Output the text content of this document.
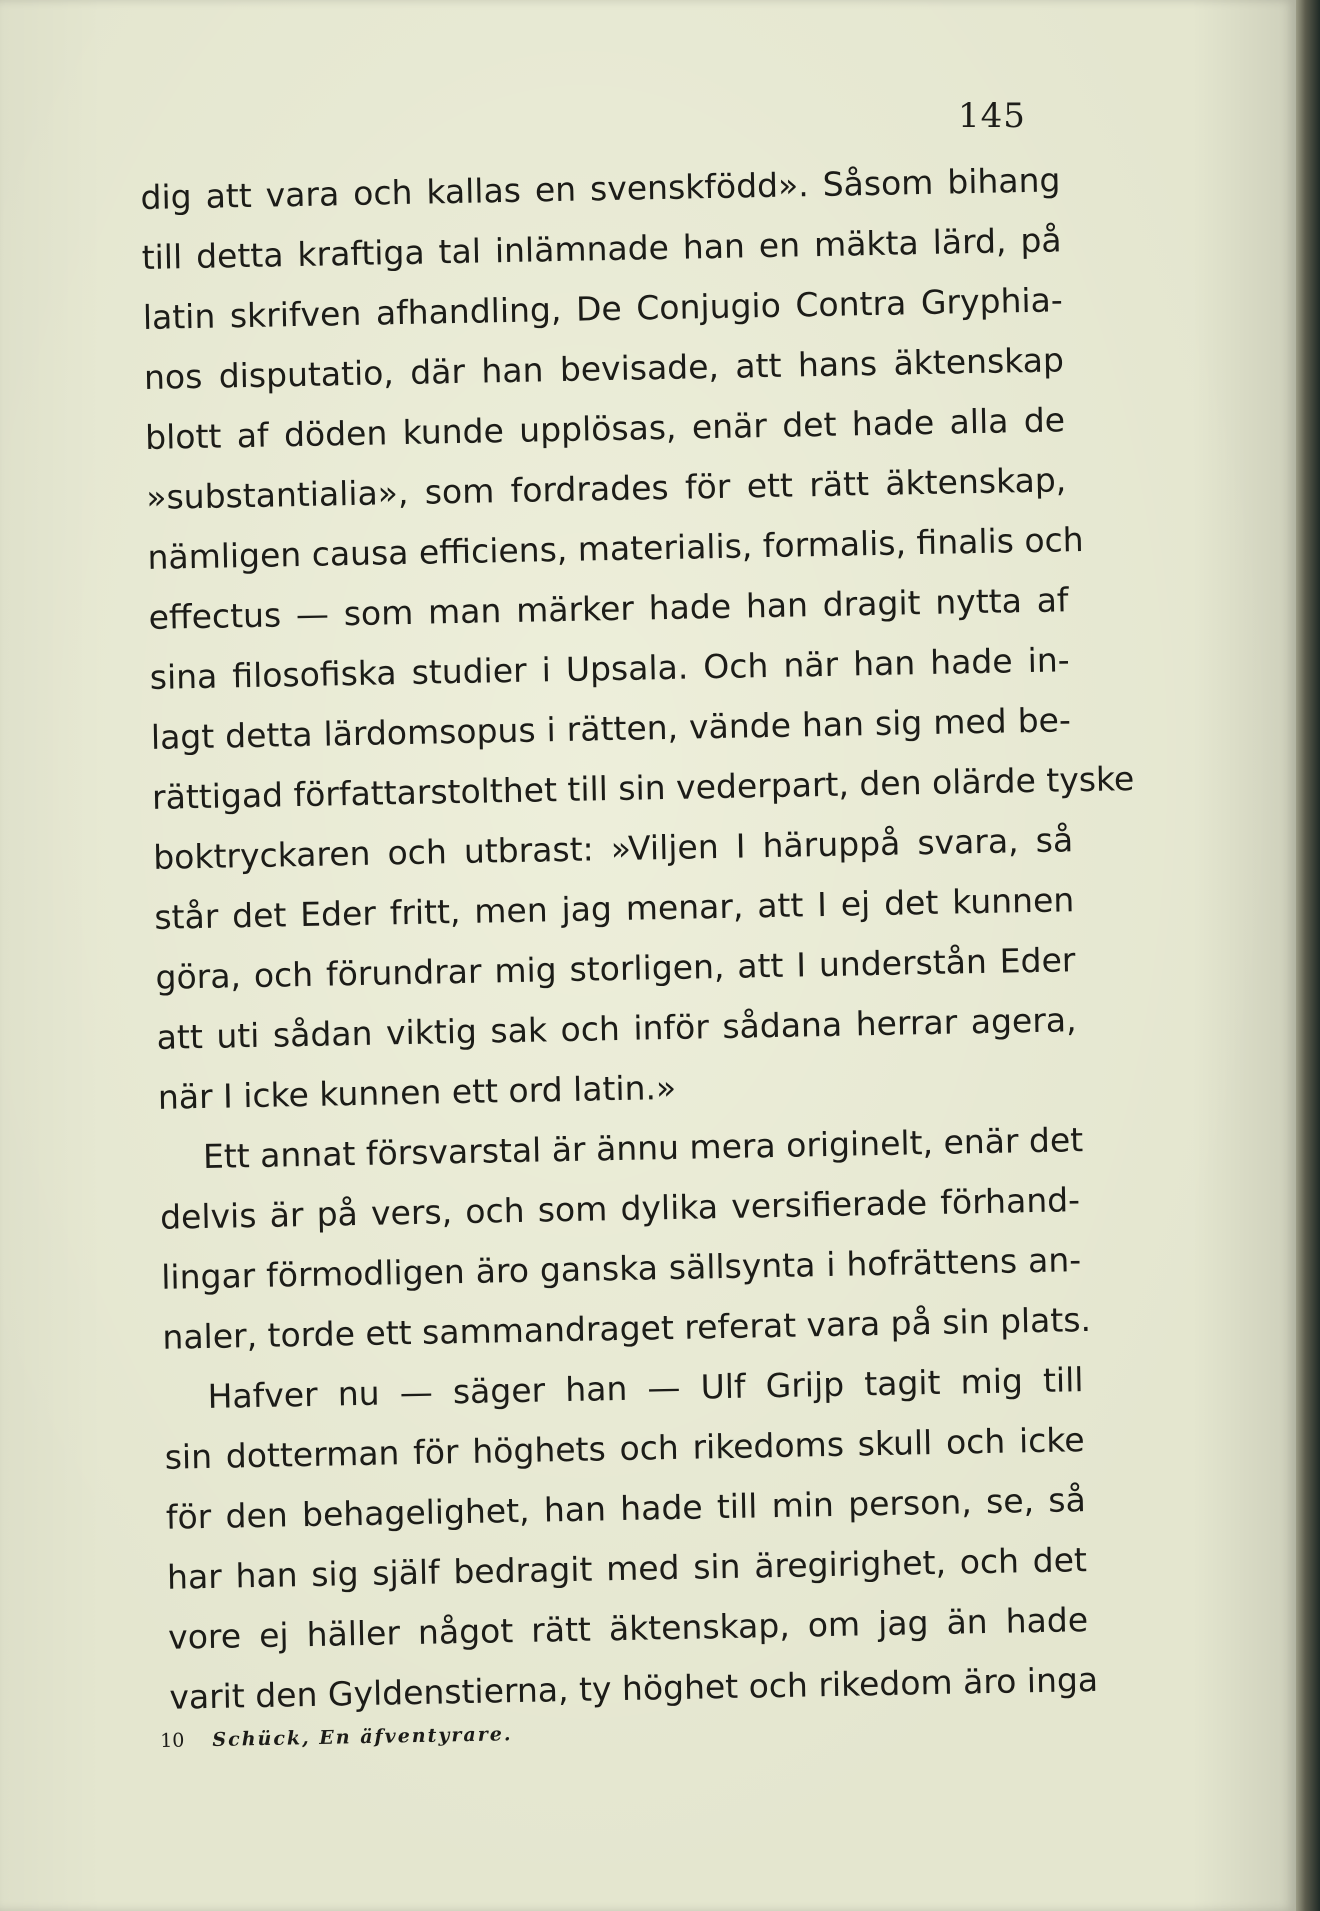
145
dig att vara och kallas en svenskfödd». Såsom bihang
till detta kraftiga tal inlämnade han en mäkta lärd, på
latin skrifven afhandling, De Conjugio Contra Gryphia-
nos disputatio, där han bevisade, att hans äktenskap
blott af döden kunde upplösas, enär det hade alla de
»substantialia», som fordrades för ett rätt äktenskap,
nämligen causa efficiens, materialis, formalis, finalis och
effectus — som man märker hade han dragit nytta af
sina filosofiska studier i Upsala. Och när han hade in-
lagt detta lärdomsopus i rätten, vände han sig med be-
rättigad författarstolthet till sin vederpart, den olärde tyske
boktryckaren och utbrast: »Viljen I häruppå svara, så
står det Eder fritt, men jag menar, att I ej det kunnen
göra, och förundrar mig storligen, att I understån Eder
att uti sådan viktig sak och inför sådana herrar agera,
när I icke kunnen ett ord latin.»
Ett annat försvarstal är ännu mera originelt, enär det
delvis är på vers, och som dylika versifierade förhand-
lingar förmodligen äro ganska sällsynta i hofrättens an-
naler, torde ett sammandraget referat vara på sin plats.
Hafver nu — säger han — Ulf Grijp tagit mig till
sin dotterman för höghets och rikedoms skull och icke
för den behagelighet, han hade till min person, se, så
har han sig själf bedragit med sin äregirighet, och det
vore ej häller något rätt äktenskap, om jag än hade
varit den Gyldenstierna, ty höghet och rikedom äro inga
10 Schück, En äfventyrare.
